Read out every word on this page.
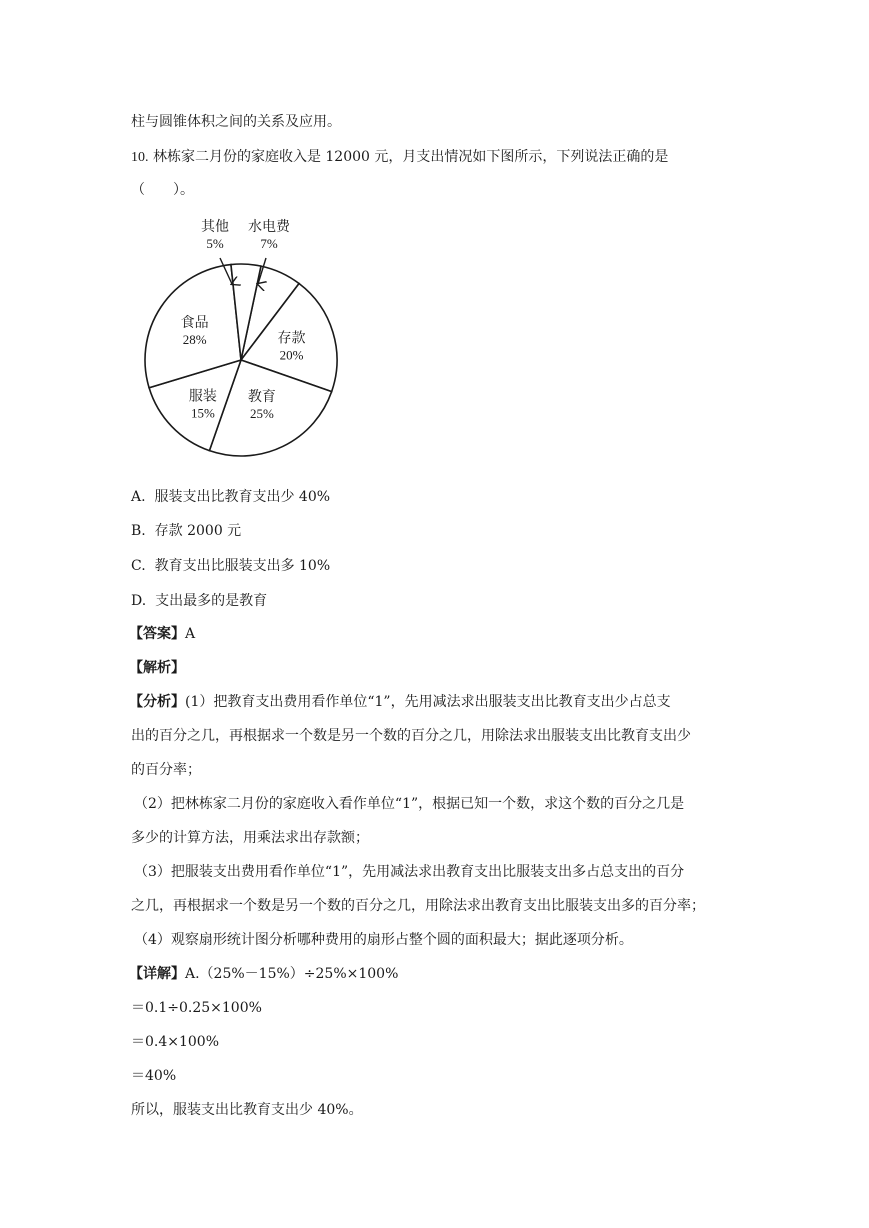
柱与圆锥体积之间的关系及应用。
10. 林栋家二月份的家庭收入是 12000 元，月支出情况如下图所示，下列说法正确的是
（　　）。
水电费
7%
存款
20%
教育
25%
服装
15%
食品
28%
其他
5%
A. 服装支出比教育支出少 40%
B. 存款 2000 元
C. 教育支出比服装支出多 10%
D. 支出最多的是教育
【答案】A
【解析】
【分析】(1）把教育支出费用看作单位“1”，先用减法求出服装支出比教育支出少占总支
出的百分之几，再根据求一个数是另一个数的百分之几，用除法求出服装支出比教育支出少
的百分率；
（2）把林栋家二月份的家庭收入看作单位“1”，根据已知一个数，求这个数的百分之几是
多少的计算方法，用乘法求出存款额；
（3）把服装支出费用看作单位“1”，先用减法求出教育支出比服装支出多占总支出的百分
之几，再根据求一个数是另一个数的百分之几，用除法求出教育支出比服装支出多的百分率；
（4）观察扇形统计图分析哪种费用的扇形占整个圆的面积最大；据此逐项分析。
【详解】A.（25%－15%）÷25%×100%
＝0.1÷0.25×100%
＝0.4×100%
＝40%
所以，服装支出比教育支出少 40%。
